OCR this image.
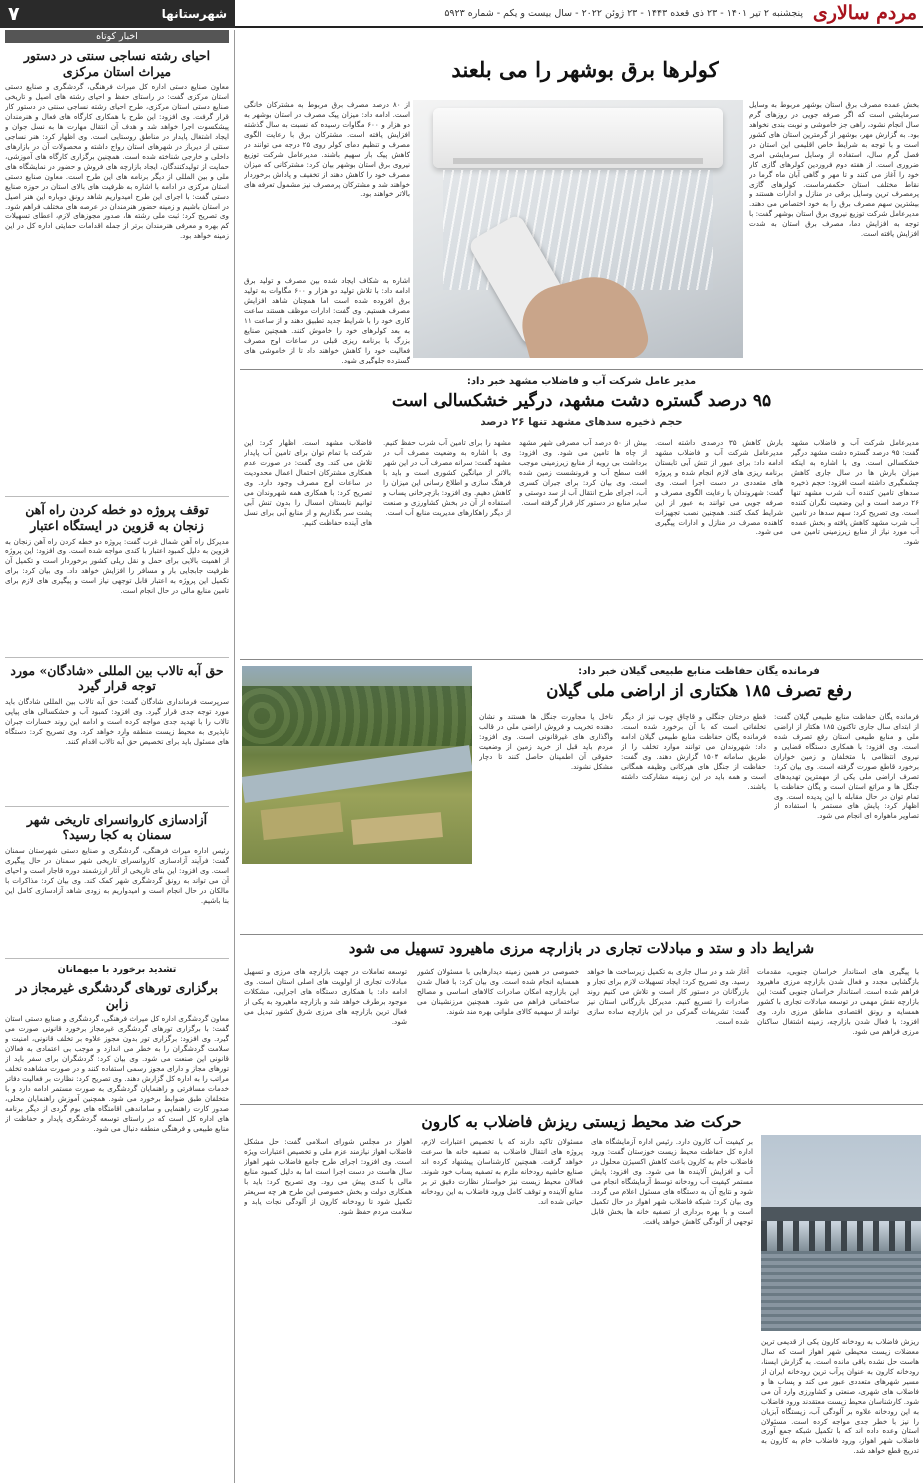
مردم سالاری
پنجشنبه ۲ تیر ۱۴۰۱ - ۲۳ ذی قعده ۱۴۴۳ - ۲۳ ژوئن ۲۰۲۲ - سال بیست و یکم - شماره ۵۹۲۳
شهرستانها
۷
اخبار کوتاه
احیای رشته نساجی سنتی در دستور میراث استان مرکزی
معاون صنایع دستی اداره کل میراث فرهنگی، گردشگری و صنایع دستی استان مرکزی گفت: در راستای حفظ و احیای رشته های اصیل و تاریخی صنایع دستی استان مرکزی، طرح احیای رشته نساجی سنتی در دستور کار قرار گرفت. وی افزود: این طرح با همکاری کارگاه های فعال و هنرمندان پیشکسوت اجرا خواهد شد و هدف آن انتقال مهارت ها به نسل جوان و ایجاد اشتغال پایدار در مناطق روستایی است. وی اظهار کرد: هنر نساجی سنتی از دیرباز در شهرهای استان رواج داشته و محصولات آن در بازارهای داخلی و خارجی شناخته شده است. همچنین برگزاری کارگاه های آموزشی، حمایت از تولیدکنندگان، ایجاد بازارچه های فروش و حضور در نمایشگاه های ملی و بین المللی از دیگر برنامه های این طرح است. معاون صنایع دستی استان مرکزی در ادامه با اشاره به ظرفیت های بالای استان در حوزه صنایع دستی گفت: با اجرای این طرح امیدواریم شاهد رونق دوباره این هنر اصیل در استان باشیم و زمینه حضور هنرمندان در عرصه های مختلف فراهم شود. وی تصریح کرد: ثبت ملی رشته ها، صدور مجوزهای لازم، اعطای تسهیلات کم بهره و معرفی هنرمندان برتر از جمله اقدامات حمایتی اداره کل در این زمینه خواهد بود.
توقف پروژه دو خطه کردن راه آهن زنجان به قزوین در ایستگاه اعتبار
مدیرکل راه آهن شمال غرب گفت: پروژه دو خطه کردن راه آهن زنجان به قزوین به دلیل کمبود اعتبار با کندی مواجه شده است. وی افزود: این پروژه از اهمیت بالایی برای حمل و نقل ریلی کشور برخوردار است و تکمیل آن ظرفیت جابجایی بار و مسافر را افزایش خواهد داد. وی بیان کرد: برای تکمیل این پروژه به اعتبار قابل توجهی نیاز است و پیگیری های لازم برای تامین منابع مالی در حال انجام است.
حق آبه تالاب بین المللی «شادگان» مورد توجه قرار گیرد
سرپرست فرمانداری شادگان گفت: حق آبه تالاب بین المللی شادگان باید مورد توجه جدی قرار گیرد. وی افزود: کمبود آب و خشکسالی های پیاپی تالاب را با تهدید جدی مواجه کرده است و ادامه این روند خسارات جبران ناپذیری به محیط زیست منطقه وارد خواهد کرد. وی تصریح کرد: دستگاه های مسئول باید برای تخصیص حق آبه تالاب اقدام کنند.
آزادسازی کاروانسرای تاریخی شهر سمنان به کجا رسید؟
رئیس اداره میراث فرهنگی، گردشگری و صنایع دستی شهرستان سمنان گفت: فرآیند آزادسازی کاروانسرای تاریخی شهر سمنان در حال پیگیری است. وی افزود: این بنای تاریخی از آثار ارزشمند دوره قاجار است و احیای آن می تواند به رونق گردشگری شهر کمک کند. وی بیان کرد: مذاکرات با مالکان در حال انجام است و امیدواریم به زودی شاهد آزادسازی کامل این بنا باشیم.
تشدید برخورد با میهمانان
برگزاری تورهای گردشگری غیرمجاز در زابن
معاون گردشگری اداره کل میراث فرهنگی، گردشگری و صنایع دستی استان گفت: با برگزاری تورهای گردشگری غیرمجاز برخورد قانونی صورت می گیرد. وی افزود: برگزاری تور بدون مجوز علاوه بر تخلف قانونی، امنیت و سلامت گردشگران را به خطر می اندازد و موجب بی اعتمادی به فعالان قانونی این صنعت می شود. وی بیان کرد: گردشگران برای سفر باید از تورهای مجاز و دارای مجوز رسمی استفاده کنند و در صورت مشاهده تخلف مراتب را به اداره کل گزارش دهند. وی تصریح کرد: نظارت بر فعالیت دفاتر خدمات مسافرتی و راهنمایان گردشگری به صورت مستمر ادامه دارد و با متخلفان طبق ضوابط برخورد می شود. همچنین آموزش راهنمایان محلی، صدور کارت راهنمایی و ساماندهی اقامتگاه های بوم گردی از دیگر برنامه های اداره کل است که در راستای توسعه گردشگری پایدار و حفاظت از منابع طبیعی و فرهنگی منطقه دنبال می شود.
کولرها برق بوشهر را می بلعند
بخش عمده مصرف برق استان بوشهر مربوط به وسایل سرمایشی است که اگر صرفه جویی در روزهای گرم سال انجام نشود، راهی جز خاموشی و نوبت بندی نخواهد بود. به گزارش مهر، بوشهر از گرمترین استان های کشور است و با توجه به شرایط خاص اقلیمی این استان در فصل گرم سال، استفاده از وسایل سرمایشی امری ضروری است. از هفته دوم فروردین کولرهای گازی کار خود را آغاز می کنند و تا مهر و گاهی آبان ماه گرما در نقاط مختلف استان حکمفرماست. کولرهای گازی پرمصرف ترین وسایل برقی در منازل و ادارات هستند و بیشترین سهم مصرف برق را به خود اختصاص می دهند. مدیرعامل شرکت توزیع نیروی برق استان بوشهر گفت: با توجه به افزایش دما، مصرف برق استان به شدت افزایش یافته است.
از ۸۰ درصد مصرف برق مربوط به مشترکان خانگی است. ادامه داد: میزان پیک مصرف در استان بوشهر به دو هزار و ۶۰۰ مگاوات رسیده که نسبت به سال گذشته افزایش یافته است. مشترکان برق با رعایت الگوی مصرف و تنظیم دمای کولر روی ۲۵ درجه می توانند در کاهش پیک بار سهیم باشند. مدیرعامل شرکت توزیع نیروی برق استان بوشهر بیان کرد: مشترکانی که میزان مصرف خود را کاهش دهند از تخفیف و پاداش برخوردار خواهند شد و مشترکان پرمصرف نیز مشمول تعرفه های بالاتر خواهند بود.
اشاره به شکاف ایجاد شده بین مصرف و تولید برق ادامه داد: با تلاش تولید دو هزار و ۶۰۰ مگاوات به تولید برق افزوده شده است اما همچنان شاهد افزایش مصرف هستیم. وی گفت: ادارات موظف هستند ساعت کاری خود را با شرایط جدید تطبیق دهند و از ساعت ۱۱ به بعد کولرهای خود را خاموش کنند. همچنین صنایع بزرگ با برنامه ریزی قبلی در ساعات اوج مصرف فعالیت خود را کاهش خواهند داد تا از خاموشی های گسترده جلوگیری شود.
مدیر عامل شرکت آب و فاضلاب مشهد خبر داد:
۹۵ درصد گستره دشت مشهد، درگیر خشکسالی است
حجم ذخیره سدهای مشهد تنها ۲۶ درصد
مدیرعامل شرکت آب و فاضلاب مشهد گفت: ۹۵ درصد گستره دشت مشهد درگیر خشکسالی است. وی با اشاره به اینکه میزان بارش ها در سال جاری کاهش چشمگیری داشته است افزود: حجم ذخیره سدهای تامین کننده آب شرب مشهد تنها ۲۶ درصد است و این وضعیت نگران کننده است. وی تصریح کرد: سهم سدها در تامین آب شرب مشهد کاهش یافته و بخش عمده آب مورد نیاز از منابع زیرزمینی تامین می شود.
بارش کاهش ۳۵ درصدی داشته است. مدیرعامل شرکت آب و فاضلاب مشهد ادامه داد: برای عبور از تنش آبی تابستان برنامه ریزی های لازم انجام شده و پروژه های متعددی در دست اجرا است. وی گفت: شهروندان با رعایت الگوی مصرف و صرفه جویی می توانند به عبور از این شرایط کمک کنند. همچنین نصب تجهیزات کاهنده مصرف در منازل و ادارات پیگیری می شود.
بیش از ۵۰ درصد آب مصرفی شهر مشهد از چاه ها تامین می شود. وی افزود: برداشت بی رویه از منابع زیرزمینی موجب افت سطح آب و فرونشست زمین شده است. وی بیان کرد: برای جبران کسری آب، اجرای طرح انتقال آب از سد دوستی و سایر منابع در دستور کار قرار گرفته است.
مشهد را برای تامین آب شرب حفظ کنیم. وی با اشاره به وضعیت مصرف آب در مشهد گفت: سرانه مصرف آب در این شهر بالاتر از میانگین کشوری است و باید با فرهنگ سازی و اطلاع رسانی این میزان را کاهش دهیم. وی افزود: بازچرخانی پساب و استفاده از آن در بخش کشاورزی و صنعت از دیگر راهکارهای مدیریت منابع آب است.
فاضلاب مشهد است. اظهار کرد: این شرکت با تمام توان برای تامین آب پایدار تلاش می کند. وی گفت: در صورت عدم همکاری مشترکان احتمال اعمال محدودیت در ساعات اوج مصرف وجود دارد. وی تصریح کرد: با همکاری همه شهروندان می توانیم تابستان امسال را بدون تنش آبی پشت سر بگذاریم و از منابع آبی برای نسل های آینده حفاظت کنیم.
فرمانده یگان حفاظت منابع طبیعی گیلان خبر داد:
رفع تصرف ۱۸۵ هکتاری از اراضی ملی گیلان
فرمانده یگان حفاظت منابع طبیعی گیلان گفت: از ابتدای سال جاری تاکنون ۱۸۵ هکتار از اراضی ملی و منابع طبیعی استان رفع تصرف شده است. وی افزود: با همکاری دستگاه قضایی و نیروی انتظامی با متخلفان و زمین خواران برخورد قاطع صورت گرفته است. وی بیان کرد: تصرف اراضی ملی یکی از مهمترین تهدیدهای جنگل ها و مراتع استان است و یگان حفاظت با تمام توان در حال مقابله با این پدیده است. وی اظهار کرد: پایش های مستمر با استفاده از تصاویر ماهواره ای انجام می شود.
قطع درختان جنگلی و قاچاق چوب نیز از دیگر تخلفاتی است که با آن برخورد شده است. فرمانده یگان حفاظت منابع طبیعی گیلان ادامه داد: شهروندان می توانند موارد تخلف را از طریق سامانه ۱۵۰۴ گزارش دهند. وی گفت: حفاظت از جنگل های هیرکانی وظیفه همگانی است و همه باید در این زمینه مشارکت داشته باشند.
ناخل یا مجاورت جنگل ها هستند و نشان دهنده تخریب و فروش اراضی ملی در قالب واگذاری های غیرقانونی است. وی افزود: مردم باید قبل از خرید زمین از وضعیت حقوقی آن اطمینان حاصل کنند تا دچار مشکل نشوند.
شرایط داد و ستد و مبادلات تجاری در بازارچه مرزی ماهیرود تسهیل می شود
با پیگیری های استاندار خراسان جنوبی، مقدمات بازگشایی مجدد و فعال شدن بازارچه مرزی ماهیرود فراهم شده است. استاندار خراسان جنوبی گفت: این بازارچه نقش مهمی در توسعه مبادلات تجاری با کشور همسایه و رونق اقتصادی مناطق مرزی دارد. وی افزود: با فعال شدن بازارچه، زمینه اشتغال ساکنان مرزی فراهم می شود.
آغاز شد و در سال جاری به تکمیل زیرساخت ها خواهد رسید. وی تصریح کرد: ایجاد تسهیلات لازم برای تجار و بازرگانان در دستور کار است و تلاش می کنیم روند صادرات را تسریع کنیم. مدیرکل بازرگانی استان نیز گفت: تشریفات گمرکی در این بازارچه ساده سازی شده است.
خصوصی در همین زمینه دیدارهایی با مسئولان کشور همسایه انجام شده است. وی بیان کرد: با فعال شدن این بازارچه امکان صادرات کالاهای اساسی و مصالح ساختمانی فراهم می شود. همچنین مرزنشینان می توانند از سهمیه کالای ملوانی بهره مند شوند.
توسعه تعاملات در جهت بازارچه های مرزی و تسهیل مبادلات تجاری از اولویت های اصلی استان است. وی ادامه داد: با همکاری دستگاه های اجرایی، مشکلات موجود برطرف خواهد شد و بازارچه ماهیرود به یکی از فعال ترین بازارچه های مرزی شرق کشور تبدیل می شود.
حرکت ضد محیط زیستی ریزش فاضلاب به کارون
ریزش فاضلاب به رودخانه کارون یکی از قدیمی ترین معضلات زیست محیطی شهر اهواز است که سال هاست حل نشده باقی مانده است. به گزارش ایسنا، رودخانه کارون به عنوان پرآب ترین رودخانه ایران از مسیر شهرهای متعددی عبور می کند و پساب ها و فاضلاب های شهری، صنعتی و کشاورزی وارد آن می شود. کارشناسان محیط زیست معتقدند ورود فاضلاب به این رودخانه علاوه بر آلودگی آب، زیستگاه آبزیان را نیز با خطر جدی مواجه کرده است. مسئولان استان وعده داده اند که با تکمیل شبکه جمع آوری فاضلاب شهر اهواز، ورود فاضلاب خام به کارون به تدریج قطع خواهد شد.
بر کیفیت آب کارون دارد. رئیس اداره آزمایشگاه های اداره کل حفاظت محیط زیست خوزستان گفت: ورود فاضلاب خام به کارون باعث کاهش اکسیژن محلول در آب و افزایش آلاینده ها می شود. وی افزود: پایش مستمر کیفیت آب رودخانه توسط آزمایشگاه انجام می شود و نتایج آن به دستگاه های مسئول اعلام می گردد. وی بیان کرد: شبکه فاضلاب شهر اهواز در حال تکمیل است و با بهره برداری از تصفیه خانه ها بخش قابل توجهی از آلودگی کاهش خواهد یافت.
مسئولان تاکید دارند که با تخصیص اعتبارات لازم، پروژه های انتقال فاضلاب به تصفیه خانه ها سرعت خواهد گرفت. همچنین کارشناسان پیشنهاد کرده اند صنایع حاشیه رودخانه ملزم به تصفیه پساب خود شوند. فعالان محیط زیست نیز خواستار نظارت دقیق تر بر منابع آلاینده و توقف کامل ورود فاضلاب به این رودخانه حیاتی شده اند.
اهواز در مجلس شورای اسلامی گفت: حل مشکل فاضلاب اهواز نیازمند عزم ملی و تخصیص اعتبارات ویژه است. وی افزود: اجرای طرح جامع فاضلاب شهر اهواز سال هاست در دست اجرا است اما به دلیل کمبود منابع مالی با کندی پیش می رود. وی تصریح کرد: باید با همکاری دولت و بخش خصوصی این طرح هر چه سریعتر تکمیل شود تا رودخانه کارون از آلودگی نجات یابد و سلامت مردم حفظ شود.
